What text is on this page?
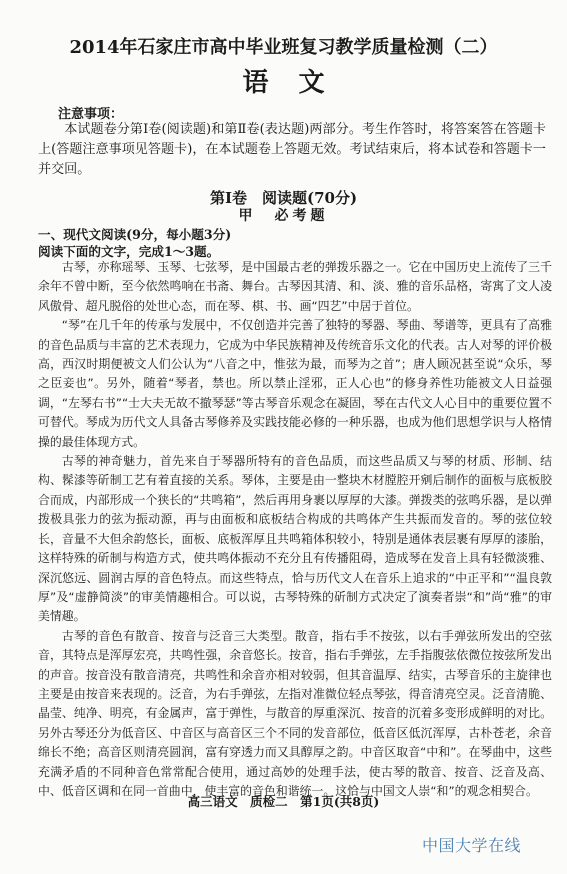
2014年石家庄市高中毕业班复习教学质量检测（二）
语文
注意事项：
本试题卷分第Ⅰ卷(阅读题)和第Ⅱ卷(表达题)两部分。考生作答时，将答案答在答题卡上(答题注意事项见答题卡)，在本试题卷上答题无效。考试结束后，将本试卷和答题卡一并交回。
第Ⅰ卷　阅读题(70分)
甲　必考题
一、现代文阅读(9分，每小题3分)
阅读下面的文字，完成1～3题。

古琴，亦称瑶琴、玉琴、七弦琴，是中国最古老的弹拨乐器之一。它在中国历史上流传了三千余年不曾中断，至今依然鸣响在书斋、舞台。古琴因其清、和、淡、雅的音乐品格，寄寓了文人凌风傲骨、超凡脱俗的处世心态，而在琴、棋、书、画“四艺”中居于首位。

“琴”在几千年的传承与发展中，不仅创造并完善了独特的琴器、琴曲、琴谱等，更具有了高雅的音色品质与丰富的艺术表现力，它成为中华民族精神及传统音乐文化的代表。古人对琴的评价极高，西汉时期便被文人们公认为“八音之中，惟弦为最，而琴为之首”；唐人顾况甚至说“众乐，琴之臣妾也”。另外，随着“琴者，禁也。所以禁止淫邪，正人心也”的修身养性功能被文人日益强调，“左琴右书”“士大夫无故不撤琴瑟”等古琴音乐观念在凝固，琴在古代文人心目中的重要位置不可替代。琴成为历代文人具备古琴修养及实践技能必修的一种乐器，也成为他们思想学识与人格情操的最佳体现方式。

古琴的神奇魅力，首先来自于琴器所特有的音色品质，而这些品质又与琴的材质、形制、结构、髹漆等斫制工艺有着直接的关系。琴体，主要是由一整块木材膛腔开剜后制作的面板与底板胶合而成，内部形成一个狭长的“共鸣箱”，然后再用身裹以厚厚的大漆。弹拨类的弦鸣乐器，是以弹拨极具张力的弦为振动源，再与由面板和底板结合构成的共鸣体产生共振而发音的。琴的弦位较长，音量不大但余韵悠长，面板、底板浑厚且共鸣箱体积较小，特别是通体表层裹有厚厚的漆胎，这样特殊的斫制与构造方式，使共鸣体振动不充分且有传播阻碍，造成琴在发音上具有轻微淡雅、深沉悠远、圆润古厚的音色特点。而这些特点，恰与历代文人在音乐上追求的“中正平和”“温良敦厚”及“虚静简淡”的审美情趣相合。可以说，古琴特殊的斫制方式决定了演奏者崇“和”尚“雅”的审美情趣。

古琴的音色有散音、按音与泛音三大类型。散音，指右手不按弦，以右手弹弦所发出的空弦音，其特点是浑厚宏亮，共鸣性强，余音悠长。按音，指右手弹弦，左手指腹弦依微位按弦所发出的声音。按音没有散音清亮，共鸣性和余音亦相对较弱，但其音温厚、结实，古琴音乐的主旋律也主要是由按音来表现的。泛音，为右手弹弦，左指对准微位轻点琴弦，得音清亮空灵。泛音清脆、晶莹、纯净、明亮，有金属声，富于弹性，与散音的厚重深沉、按音的沉着多变形成鲜明的对比。另外古琴还分为低音区、中音区与高音区三个不同的发音部位，低音区低沉浑厚，古朴苍老，余音绵长不绝；高音区则清亮圆润，富有穿透力而又具醇厚之韵。中音区取音“中和”。在琴曲中，这些充满矛盾的不同种音色常常配合使用，通过高妙的处理手法，使古琴的散音、按音、泛音及高、中、低音区调和在同一首曲中，使丰富的音色和谐统一。这恰与中国文人崇“和”的观念相契合。

高三语文　质检二　第1页(共8页)
中国大学在线
